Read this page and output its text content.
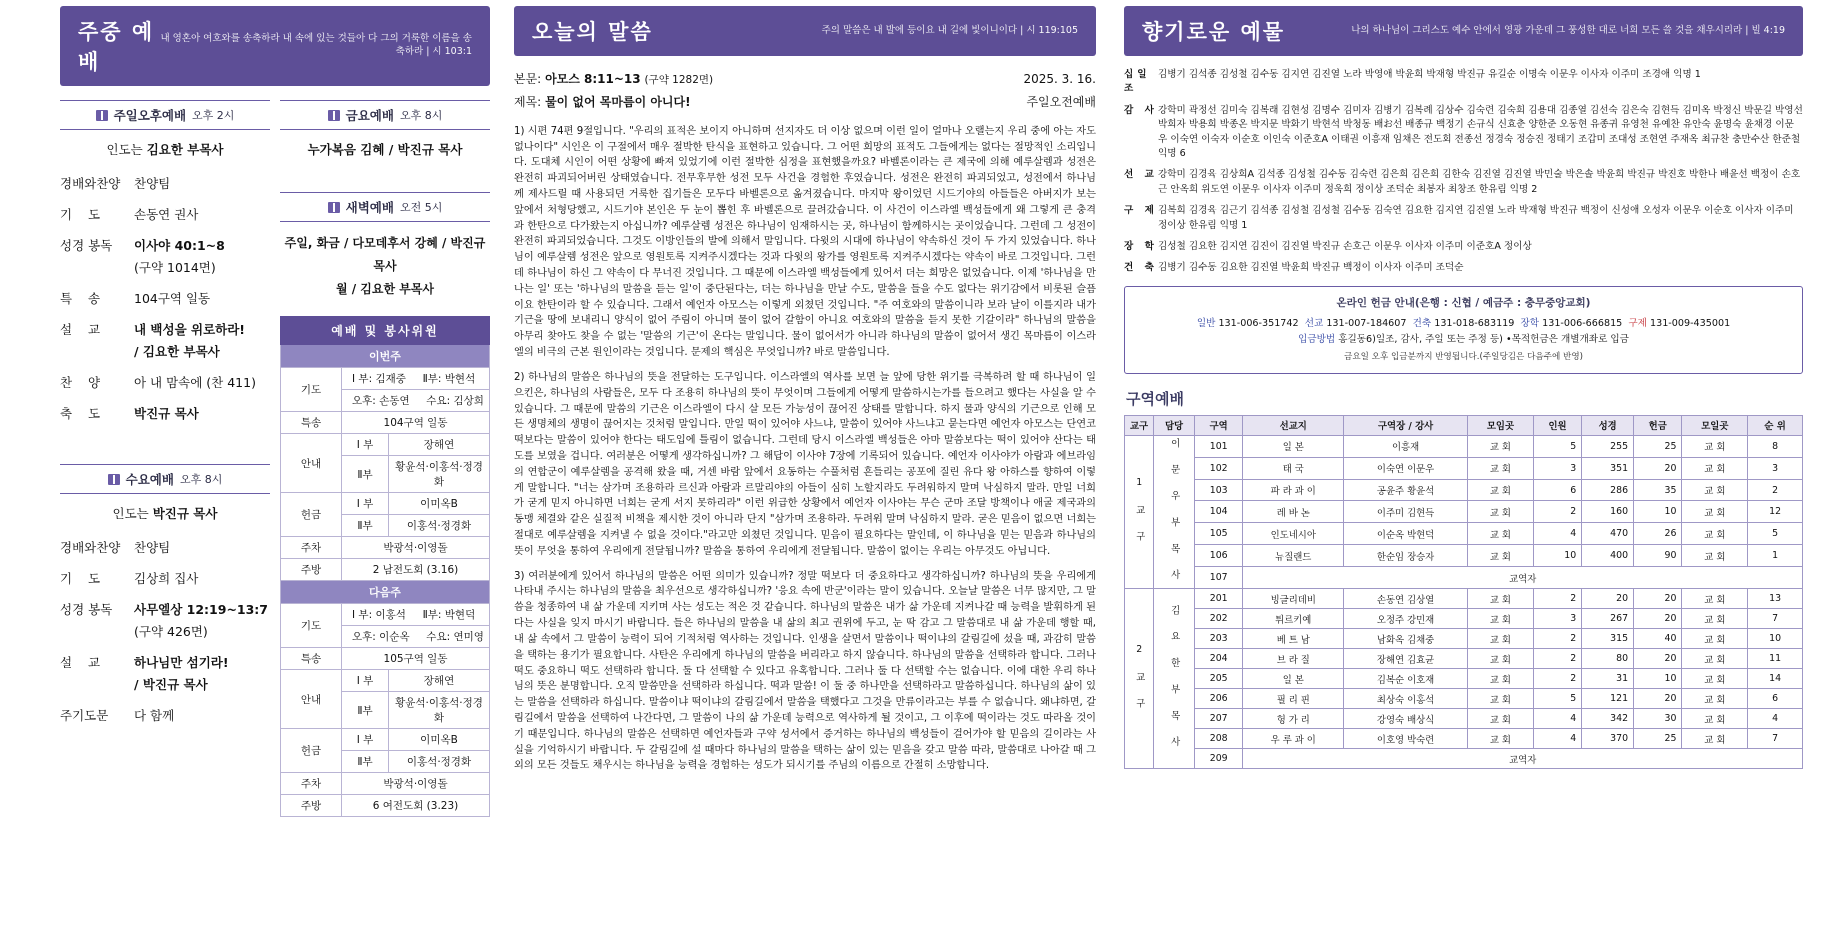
주중 예배
내 영혼아 여호와를 송축하라 내 속에 있는 것들아 다 그의 거룩한 이름을 송축하라 | 시 103:1
주일오후예배 오후 2시
인도는 김요한 부목사
경배와찬양	찬양팀
기 도	손동연 권사
성경 봉독	이사야 40:1~8
(구약 1014면)
특 송	104구역 일동
설 교	내 백성을 위로하라!
/ 김요한 부목사
찬 양	아 내 맘속에 (찬 411)
축 도	박진규 목사
수요예배 오후 8시
인도는 박진규 목사
경배와찬양	찬양팀
기 도	김상희 집사
성경 봉독	사무엘상 12:19~13:7
(구약 426면)
설 교	하나님만 섬기라!
/ 박진규 목사
주기도문	다 함께
금요예배 오후 8시
누가복음 김혜 / 박진규 목사
새벽예배 오전 5시
주일, 화금 / 다모데후서 강혜 / 박진규 목사
월 / 김요한 부목사
예배 및 봉사위원		
이번주		
기도	Ⅰ 부: 김재중 Ⅱ부: 박현석	
	오후: 손동연 수요: 김상희	
특송	104구역 일동	
안내	Ⅰ 부	장해연
	Ⅱ부	황윤석·이홍석·정경화
헌금	Ⅰ 부	이미옥B
	Ⅱ부	이홍석·정경화
주차	박광석·이영돌	
주방	2 남전도회 (3.16)	
다음주		
기도	Ⅰ 부: 이홍석 Ⅱ부: 박현덕	
	오후: 이순옥 수요: 연미영	
특송	105구역 일동	
안내	Ⅰ 부	장해연
	Ⅱ부	황윤석·이홍석·정경화
헌금	Ⅰ 부	이미옥B
	Ⅱ부	이홍석·정경화
주차	박광석·이영돌	
주방	6 여전도회 (3.23)	
오늘의 말씀	주의 말씀은 내 발에 등이요 내 길에 빛이니이다 | 시 119:105
본문: 아모스 8:11~13 (구약 1282면)
제목: 물이 없어 목마름이 아니다!
2025. 3. 16.
주일오전예배

1) 시편 74편 9절입니다. "우리의 표적은 보이지 아니하며 선지자도 더 이상 없으며 이런 일이 얼마나 오랠는지 우리 중에 아는 자도 없나이다" 시인은 이 구절에서 매우 절박한 탄식을 표현하고 있습니다. 그 어떤 희망의 표적도 그들에게는 없다는 절망적인 소리입니다. 도대체 시인이 어떤 상황에 빠져 있었기에 이런 절박한 심정을 표현했을까요? 바벨론이라는 큰 제국에 의해 예루살렘과 성전은 완전히 파괴되어버린 상태였습니다. 전무후무한 성전 모두 사건을 경험한 후였습니다. 성전은 완전히 파괴되었고, 성전에서 하나님께 제사드릴 때 사용되던 거룩한 집기들은 모두다 바벨론으로 옮겨졌습니다. 마지막 왕이었던 시드기야의 아들들은 아버지가 보는 앞에서 처형당했고, 시드기야 본인은 두 눈이 뽑힌 후 바벨론으로 끌려갔습니다. 이 사건이 이스라엘 백성들에게 왜 그렇게 큰 충격과 한탄으로 다가왔는지 아십니까? 예루살렘 성전은 하나님이 임재하시는 곳, 하나님이 함께하시는 곳이었습니다. 그런데 그 성전이 완전히 파괴되었습니다. 그것도 이방인들의 발에 의해서 말입니다. 다윗의 시대에 하나님이 약속하신 것이 두 가지 있었습니다. 하나님이 예루살렘 성전은 앞으로 영원토록 지켜주시겠다는 것과 다윗의 왕가를 영원토록 지켜주시겠다는 약속이 바로 그것입니다. 그런데 하나님이 하신 그 약속이 다 무너진 것입니다. 그 때문에 이스라엘 백성들에게 있어서 더는 희망은 없었습니다. 이제 '하나님을 만나는 일' 또는 '하나님의 말씀을 듣는 일'이 중단된다는, 더는 하나님을 만날 수도, 말씀을 들을 수도 없다는 위기감에서 비롯된 슬픔이요 한탄이라 할 수 있습니다. 그래서 예언자 아모스는 이렇게 외쳤던 것입니다. "주 여호와의 말씀이니라 보라 날이 이를지라 내가 기근을 땅에 보내리니 양식이 없어 주림이 아니며 물이 없어 갈함이 아니요 여호와의 말씀을 듣지 못한 기갈이라" 하나님의 말씀을 아무리 찾아도 찾을 수 없는 '말씀의 기근'이 온다는 말입니다. 물이 없어서가 아니라 하나님의 말씀이 없어서 생긴 목마름이 이스라엘의 비극의 근본 원인이라는 것입니다. 문제의 핵심은 무엇입니까? 바로 말씀입니다.

2) 하나님의 말씀은 하나님의 뜻을 전달하는 도구입니다. 이스라엘의 역사를 보면 늘 앞에 당한 위기를 극복하려 할 때 하나님이 일으킨은, 하나님의 사람들은, 모두 다 조용히 하나님의 뜻이 무엇이며 그들에게 어떻게 말씀하시는가를 들으려고 했다는 사실을 알 수 있습니다. 그 때문에 말씀의 기근은 이스라엘이 다시 살 모든 가능성이 끊어진 상태를 말합니다. 하지 물과 양식의 기근으로 인해 모든 생명체의 생명이 끊어지는 것처럼 말입니다. 만일 떡이 있어야 사느냐, 말씀이 있어야 사느냐고 묻는다면 예언자 아모스는 단연코 떡보다는 말씀이 있어야 한다는 태도입에 틀림이 없습니다. 그런데 당시 이스라엘 백성들은 아마 말씀보다는 떡이 있어야 산다는 태도를 보였을 겁니다. 여러분은 어떻게 생각하십니까? 그 해답이 이사야 7장에 기록되어 있습니다. 예언자 이사야가 아람과 에브라임의 연합군이 예루살렘을 공격해 왔을 때, 거센 바람 앞에서 요동하는 수풀처럼 흔들리는 공포에 질린 유다 왕 아하스를 향하여 이렇게 말합니다. "너는 삼가며 조용하라 르신과 아람과 르말리야의 아들이 심히 노할지라도 두려워하지 말며 낙심하지 말라. 만일 너희가 굳게 믿지 아니하면 너희는 굳게 서지 못하리라" 이런 위급한 상황에서 예언자 이사야는 무슨 군마 조달 방책이나 애굴 제국과의 동맹 체결와 같은 실질적 비책을 제시한 것이 아니라 단지 "삼가며 조용하라. 두려워 말며 낙심하지 말라. 굳은 믿음이 없으면 너희는 절대로 예루살렘을 지켜낼 수 없을 것이다."라고만 외쳤던 것입니다. 믿음이 필요하다는 말인데, 이 하나님을 믿는 믿음과 하나님의 뜻이 무엇을 통하여 우리에게 전달됩니까? 말씀을 통하여 우리에게 전달됩니다. 말씀이 없이는 우리는 아무것도 아닙니다.

3) 여러분에게 있어서 하나님의 말씀은 어떤 의미가 있습니까? 정말 떡보다 더 중요하다고 생각하십니까? 하나님의 뜻을 우리에게 나타내 주시는 하나님의 말씀을 최우선으로 생각하십니까? '응요 속에 반군'이라는 말이 있습니다. 오늘날 말씀은 너무 많지만, 그 말씀을 청종하여 내 삶 가운데 지키며 사는 성도는 적은 것 같습니다. 하나님의 말씀은 내가 삶 가운데 지켜나갈 때 능력을 발휘하게 된다는 사실을 잊지 마시기 바랍니다. 들은 하나님의 말씀을 내 삶의 최고 권위에 두고, 눈 딱 감고 그 말씀대로 내 삶 가운데 행할 때, 내 삶 속에서 그 말씀이 능력이 되어 기적처럼 역사하는 것입니다. 인생을 살면서 말씀이나 떡이냐의 갈림길에 섰을 때, 과감히 말씀을 택하는 용기가 필요합니다. 사탄은 우리에게 하나님의 말씀을 버리라고 하지 않습니다. 하나님의 말씀을 선택하라 합니다. 그러나 떡도 중요하니 떡도 선택하라 합니다. 둘 다 선택할 수 있다고 유혹합니다. 그러나 둘 다 선택할 수는 없습니다. 이에 대한 우리 하나님의 뜻은 분명합니다. 오직 말씀만을 선택하라 하십니다. 떡과 말씀! 이 둘 중 하나만을 선택하라고 말씀하십니다. 하나님의 삶이 있는 말씀을 선택하라 하십니다. 말씀이냐 떡이냐의 갈림길에서 말씀을 택했다고 그것을 만류이라고는 부를 수 없습니다. 왜냐하면, 갈림길에서 말씀을 선택하여 나간다면, 그 말씀이 나의 삶 가운데 능력으로 역사하게 될 것이고, 그 이후에 떡이라는 것도 따라올 것이기 때문입니다. 하나님의 말씀은 선택하면 예언자들과 구약 성서에서 증거하는 하나님의 백성들이 걸어가야 할 믿음의 길이라는 사실을 기억하시기 바랍니다. 두 갈림길에 설 때마다 하나님의 말씀을 택하는 삶이 있는 믿음을 갖고 말씀 따라, 말씀대로 나아갈 때 그 외의 모든 것들도 채우시는 하나님을 능력을 경험하는 성도가 되시기를 주님의 이름으로 간절히 소망합니다.

향기로운 예물	나의 하나님이 그리스도 예수 안에서 영광 가운데 그 풍성한 대로 너희 모든 쓸 것을 채우시리라 | 빌 4:19
십일조
김병기 김석종 김성철 김수동 김지연 김진열 노라 박영애 박윤희 박재형 박진규 유길순 이명숙 이문우 이사자 이주미 조경애 익명 1
감 사 강학미 곽정선 김미숙 김복래 김현성 김명수 김미자 김병기 김복례 김상수 김숙련 김숙희 김용대 김종열 김선숙 김은숙 김현득 김미옥 박정신 박문길 박영선 박희자 박용희 박종온 박지문 박화기 박현석 박청동 배お선 배종규 백정기 손규식 신효춘 양한준 오동현 유종귀 유영천 유예찬 유안숙 윤명숙 윤채경 이문우 이숙연 이숙자 이순호 이인숙 이준호A 이태권 이흥재 임채은 전도회 전종선 정경숙 정승진 정태기 조갑미 조대성 조현연 주재옥 최규찬 충만수산 한준철 익명 6
선 교 강학미 김경육 김상희A 김석종 김성철 김수동 김숙련 김은희 김은희 김한숙 김진열 김진열 박민술 박은솔 박윤희 박진규 박진호 박한나 배윤선 백정이 손호근 안옥희 위도연 이문우 이사자 이주미 정욱희 정이상 조덕순 최봉자 최창조 한유림 익명 2
구 제 김복희 김경육 김근기 김석종 김성철 김성철 김수동 김숙연 김요한 김지연 김진열 노라 박재형 박진규 백정이 신성애 오성자 이문우 이순호 이사자 이주미 정이상 한유림 익명 1
장 학 김성철 김요한 김지연 김진이 김진열 박진규 손호근 이문우 이사자 이주미 이준호A 정이상
건 축 김병기 김수동 김요한 김진열 박윤희 박진규 백정이 이사자 이주미 조덕순
온라인 헌금 안내(은행 : 신협 / 예금주 : 충무중앙교회)
일반 131-006-351742 선교 131-007-184607 건축 131-018-683119 장학 131-006-666815 구제 131-009-435001
입금방법 홍길동6)일조, 감사, 주일 또는 주정 등) •목적헌금은 개별개좌로 입금
금요일 오후 입금분까지 반영됩니다.(주일당김은 다음주에 반영)
구역예배
교구	담당	구역	선교지	구역장 / 강사	모임곳	인원	성경	헌금	모일곳	순 위
1 교 구	이 문 우 부 목 사	101	일 본	이흥재	교 회	5	255	25	교 회	8
		102	태 국	이숙연 이문우	교 회	3	351	20	교 회	3
		103	파 라 과 이	공윤주 황윤석	교 회	6	286	35	교 회	2
		104	레 바 논	이주미 김현득	교 회	2	160	10	교 회	12
		105	인도네시아	이순옥 박현덕	교 회	4	470	26	교 회	5
		106	뉴질랜드	한순임 장승자	교 회	10	400	90	교 회	1
		107	교역자							
2 교 구	김 요 한 부 목 사	201	빙글리데비	손동연 김상열	교 회	2	20	20	교 회	13
		202	튀르키예	오정주 강민재	교 회	3	267	20	교 회	7
		203	베 트 남	남화옥 김채중	교 회	2	315	40	교 회	10
		204	브 라 질	장해연 김효균	교 회	2	80	20	교 회	11
		205	일 본	김복순 이호재	교 회	2	31	10	교 회	14
		206	필 리 핀	최상숙 이홍석	교 회	5	121	20	교 회	6
		207	헝 가 리	강영숙 배상식	교 회	4	342	30	교 회	4
		208	우 루 과 이	이호영 박숙련	교 회	4	370	25	교 회	7
		209	교역자							
